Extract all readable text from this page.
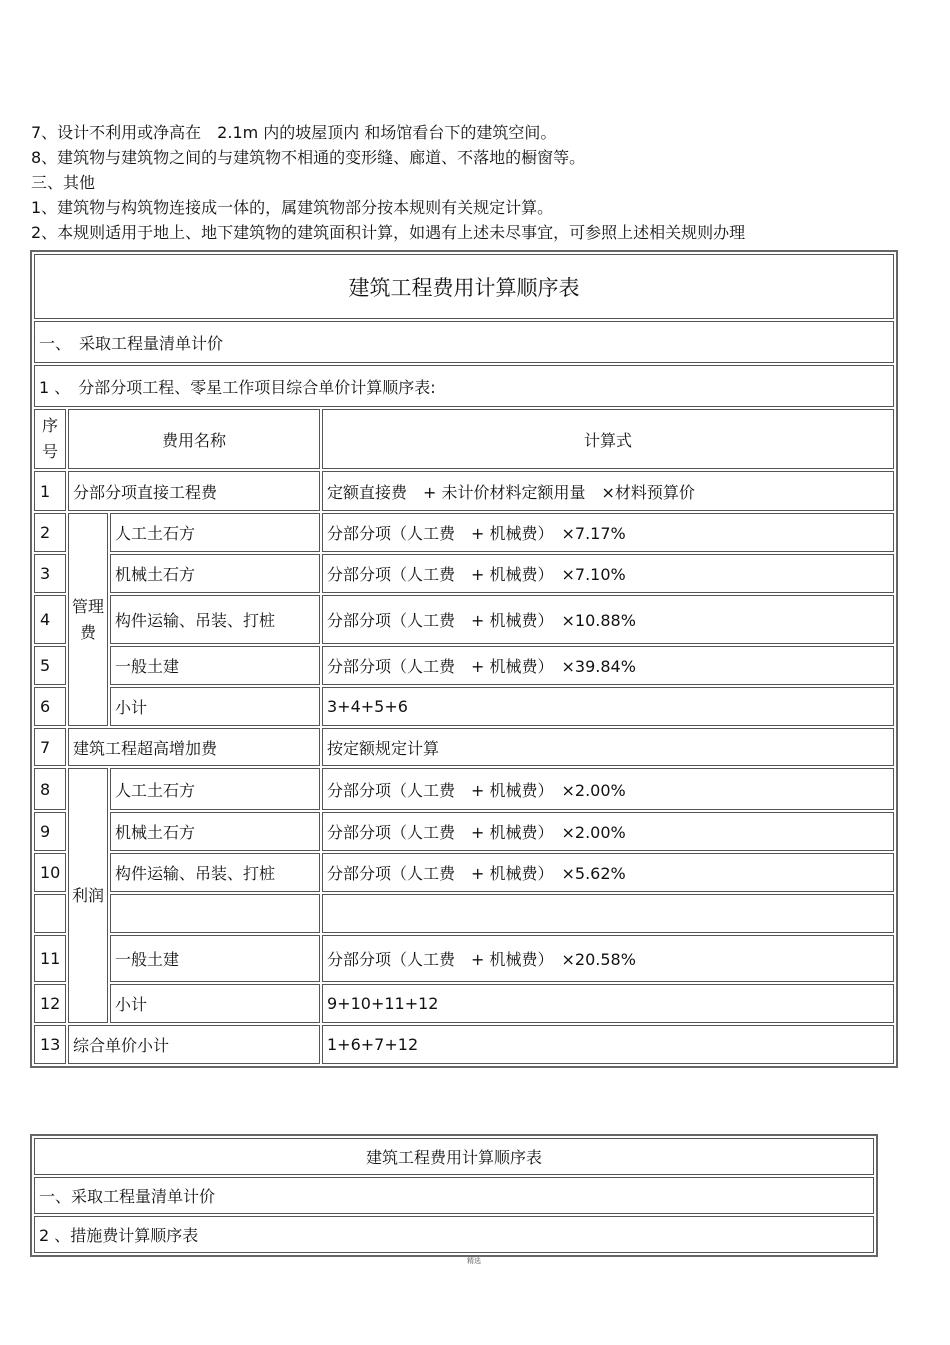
7、设计不利用或净高在　2.1m 内的坡屋顶内 和场馆看台下的建筑空间。

8、建筑物与建筑物之间的与建筑物不相通的变形缝、廊道、不落地的橱窗等。

三、其他

1、建筑物与构筑物连接成一体的，属建筑物部分按本规则有关规定计算。

2、本规则适用于地上、地下建筑物的建筑面积计算，如遇有上述未尽事宜，可参照上述相关规则办理

建筑工程费用计算顺序表			
一、　采取工程量清单计价			
1 、　分部分项工程、零星工作项目综合单价计算顺序表:			
序号	费用名称		计算式
1	分部分项直接工程费		定额直接费　+ 未计价材料定额用量　×材料预算价
2	管理费	人工土石方	分部分项（人工费　+ 机械费）　×7.17%
3		机械土石方	分部分项（人工费　+ 机械费）　×7.10%
4		构件运输、吊装、打桩	分部分项（人工费　+ 机械费）　×10.88%
5		一般土建	分部分项（人工费　+ 机械费）　×39.84%
6		小计	3+4+5+6
7	建筑工程超高增加费		按定额规定计算
8	利润	人工土石方	分部分项（人工费　+ 机械费）　×2.00%
9		机械土石方	分部分项（人工费　+ 机械费）　×2.00%
10		构件运输、吊装、打桩	分部分项（人工费　+ 机械费）　×5.62%

11		一般土建	分部分项（人工费　+ 机械费）　×20.58%
12		小计	9+10+11+12
13	综合单价小计		1+6+7+12
建筑工程费用计算顺序表
一、采取工程量清单计价
2 、措施费计算顺序表
精选
